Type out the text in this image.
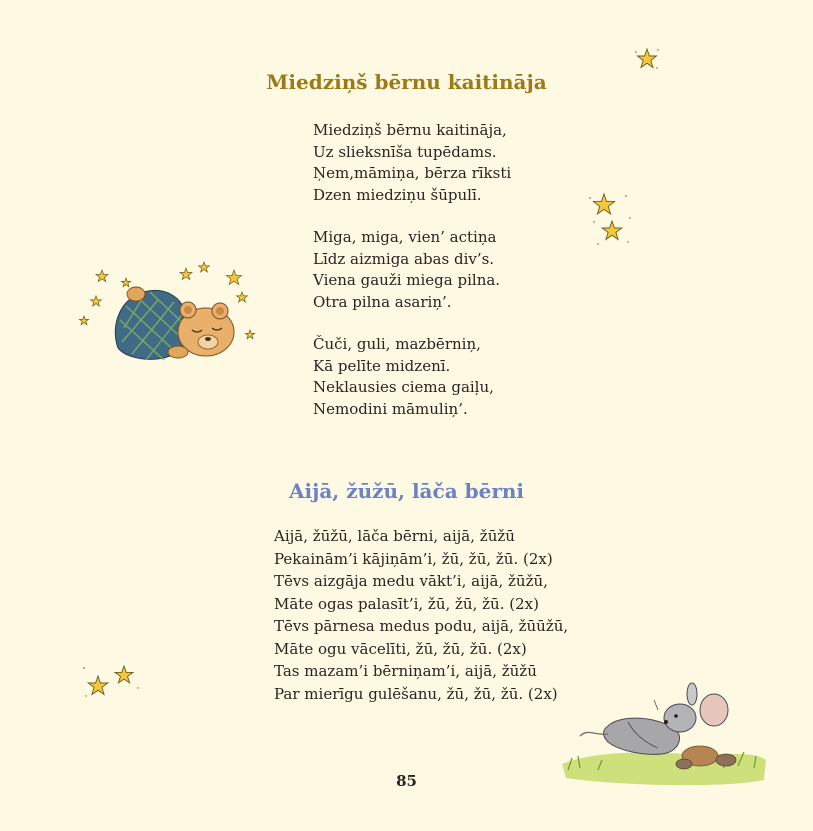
Miedziņš bērnu kaitināja

Miedziņš bērnu kaitināja,

Uz slieksnīša tupēdams.

Ņem,māmiņa, bērza rīksti

Dzen miedziņu šūpulī.

Miga, miga, vien’ actiņa

Līdz aizmiga abas div’s.

Viena gauži miega pilna.

Otra pilna asariņ’.

Čuči, guli, mazbērniņ,

Kā pelīte midzenī.

Neklausies ciema gaiļu,

Nemodini māmuliņ’.

Aijā, žūžū, lāča bērni

Aijā, žūžū, lāča bērni, aijā, žūžū

Pekainām’i kājiņām’i, žū, žū, žū. (2x)

Tēvs aizgāja medu vākt’i, aijā, žūžū,

Māte ogas palasīt’i, žū, žū, žū. (2x)

Tēvs pārnesa medus podu, aijā, žūūžū,

Māte ogu vācelīti, žū, žū, žū. (2x)

Tas mazam’i bērniņam’i, aijā, žūžū

Par mierīgu gulēšanu, žū, žū, žū. (2x)

85
